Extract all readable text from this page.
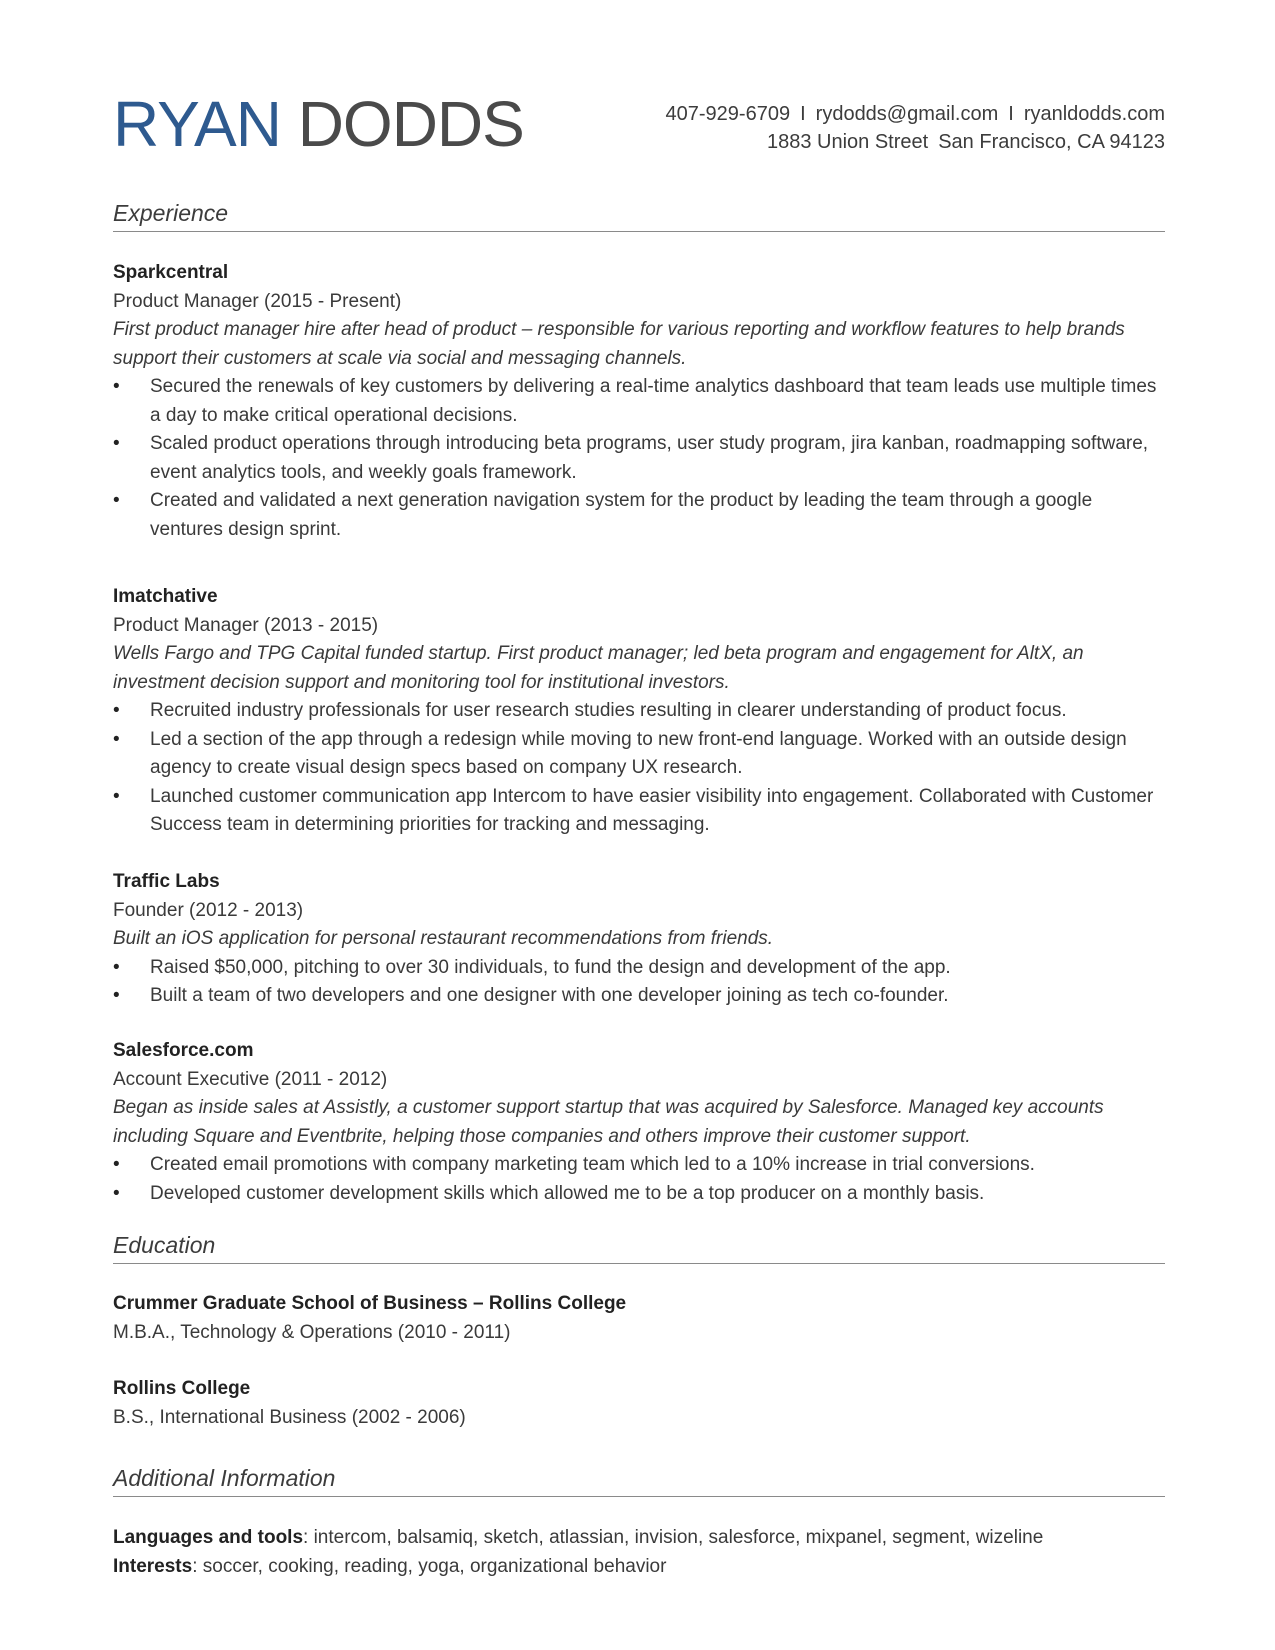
RYAN DODDS	407-929-6709 I rydodds@gmail.com I ryanldodds.com
1883 Union Street San Francisco, CA 94123
Experience
Sparkcentral
Product Manager (2015 - Present)
First product manager hire after head of product – responsible for various reporting and workflow features to help brands support their customers at scale via social and messaging channels.
• Secured the renewals of key customers by delivering a real-time analytics dashboard that team leads use multiple times a day to make critical operational decisions.
• Scaled product operations through introducing beta programs, user study program, jira kanban, roadmapping software, event analytics tools, and weekly goals framework.
• Created and validated a next generation navigation system for the product by leading the team through a google ventures design sprint.
Imatchative
Product Manager (2013 - 2015)
Wells Fargo and TPG Capital funded startup. First product manager; led beta program and engagement for AltX, an investment decision support and monitoring tool for institutional investors.
• Recruited industry professionals for user research studies resulting in clearer understanding of product focus.
• Led a section of the app through a redesign while moving to new front-end language. Worked with an outside design agency to create visual design specs based on company UX research.
• Launched customer communication app Intercom to have easier visibility into engagement. Collaborated with Customer Success team in determining priorities for tracking and messaging.
Traffic Labs
Founder (2012 - 2013)
Built an iOS application for personal restaurant recommendations from friends.
• Raised $50,000, pitching to over 30 individuals, to fund the design and development of the app.
• Built a team of two developers and one designer with one developer joining as tech co-founder.
Salesforce.com
Account Executive (2011 - 2012)
Began as inside sales at Assistly, a customer support startup that was acquired by Salesforce. Managed key accounts including Square and Eventbrite, helping those companies and others improve their customer support.
• Created email promotions with company marketing team which led to a 10% increase in trial conversions.
• Developed customer development skills which allowed me to be a top producer on a monthly basis.
Education
Crummer Graduate School of Business – Rollins College
M.B.A., Technology & Operations (2010 - 2011)
Rollins College
B.S., International Business (2002 - 2006)
Additional Information
Languages and tools: intercom, balsamiq, sketch, atlassian, invision, salesforce, mixpanel, segment, wizeline
Interests: soccer, cooking, reading, yoga, organizational behavior
